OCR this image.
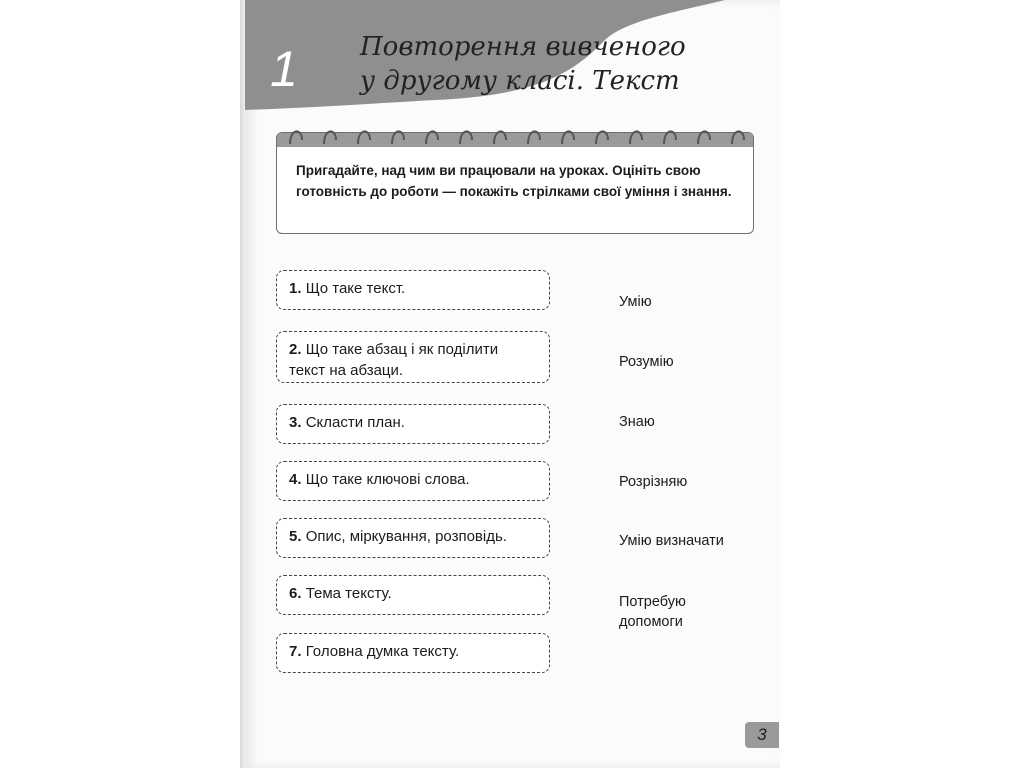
1 Повторення вивченого

у другому класі. Текст
Пригадайте, над чим ви працювали на уроках. Оцініть свою готовність до роботи — покажіть стрілками свої уміння і знання.
1. Що таке текст.
2. Що таке абзац і як поділити текст на абзаци.
3. Скласти план.
4. Що таке ключові слова.
5. Опис, міркування, розповідь.
6. Тема тексту.
7. Головна думка тексту.
Умію
Розумію
Знаю
Розрізняю
Умію визначати
Потребую допомоги
3
